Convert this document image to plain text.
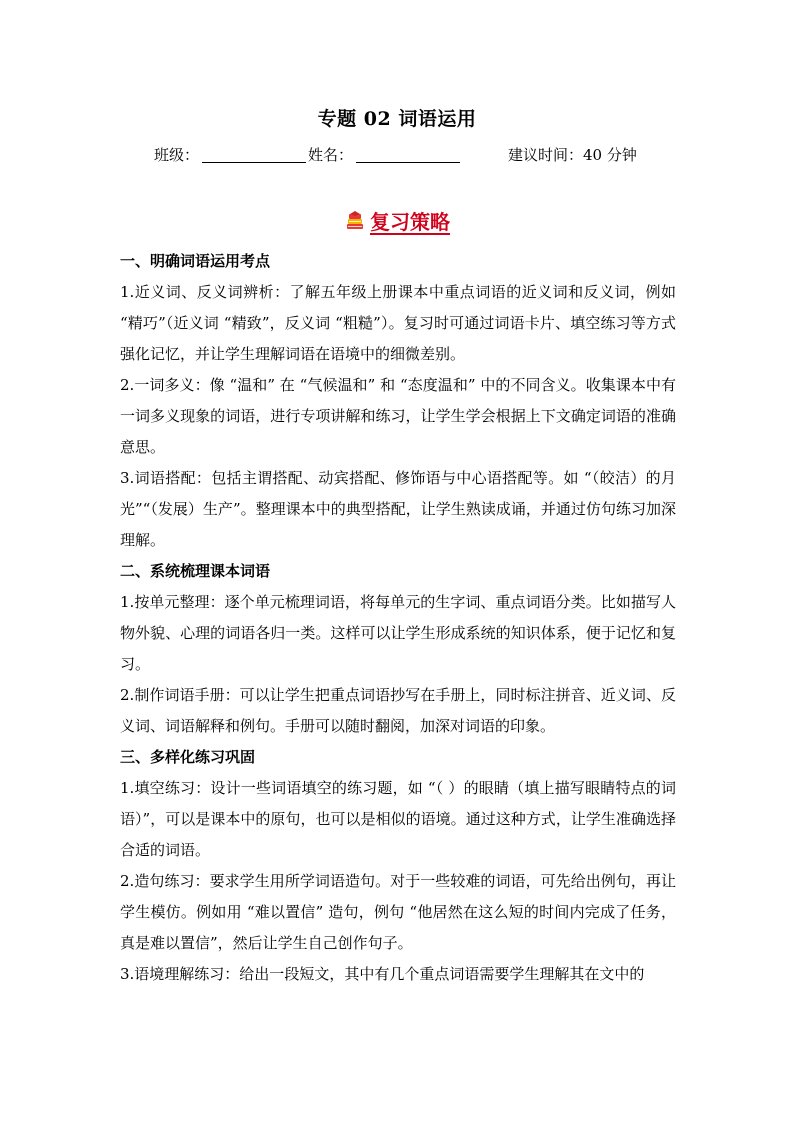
专题 02 词语运用
班级：	姓名：	建议时间：40 分钟
复习策略

一、明确词语运用考点

1.近义词、反义词辨析：了解五年级上册课本中重点词语的近义词和反义词，例如 “精巧”（近义词 “精致”，反义词 “粗糙”）。复习时可通过词语卡片、填空练习等方式强化记忆，并让学生理解词语在语境中的细微差别。

2.一词多义：像 “温和” 在 “气候温和” 和 “态度温和” 中的不同含义。收集课本中有一词多义现象的词语，进行专项讲解和练习，让学生学会根据上下文确定词语的准确意思。

3.词语搭配：包括主谓搭配、动宾搭配、修饰语与中心语搭配等。如 “（皎洁）的月光”“（发展）生产”。整理课本中的典型搭配，让学生熟读成诵，并通过仿句练习加深理解。

二、系统梳理课本词语

1.按单元整理：逐个单元梳理词语，将每单元的生字词、重点词语分类。比如描写人物外貌、心理的词语各归一类。这样可以让学生形成系统的知识体系，便于记忆和复习。

2.制作词语手册：可以让学生把重点词语抄写在手册上，同时标注拼音、近义词、反义词、词语解释和例句。手册可以随时翻阅，加深对词语的印象。

三、多样化练习巩固

1.填空练习：设计一些词语填空的练习题，如 “（ ）的眼睛（填上描写眼睛特点的词语）”，可以是课本中的原句，也可以是相似的语境。通过这种方式，让学生准确选择合适的词语。

2.造句练习：要求学生用所学词语造句。对于一些较难的词语，可先给出例句，再让学生模仿。例如用 “难以置信” 造句，例句 “他居然在这么短的时间内完成了任务，真是难以置信”，然后让学生自己创作句子。

3.语境理解练习：给出一段短文，其中有几个重点词语需要学生理解其在文中的
